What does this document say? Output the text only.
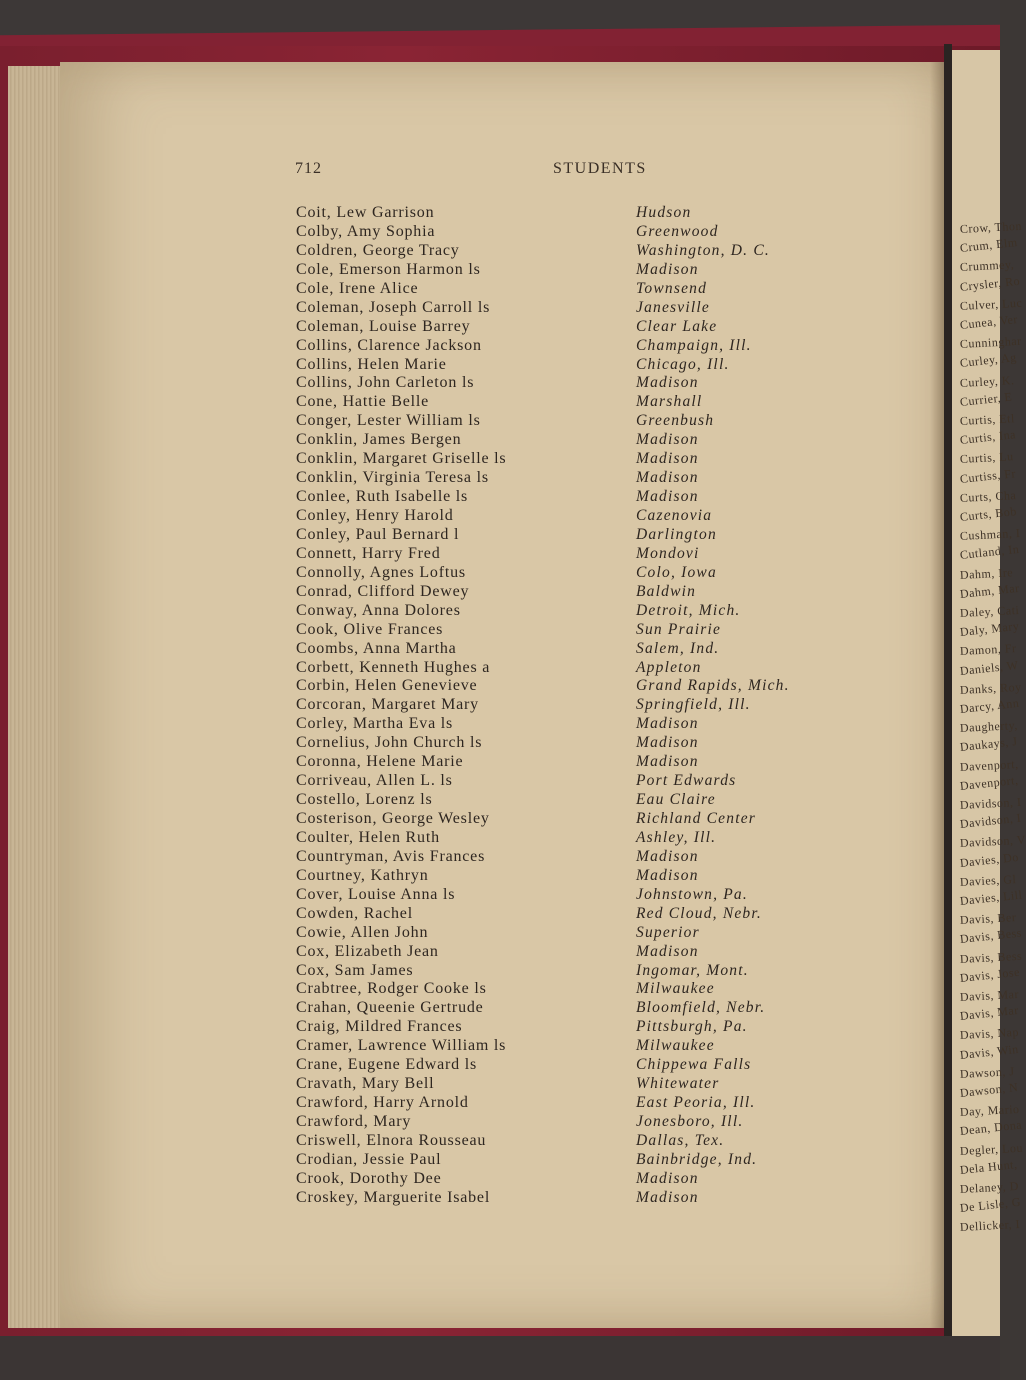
Crow, Thon
Crum, Elm
Crummey,
Crysler, Ro
Culver, Luc
Cunea, Ver
Cunninghar
Curley, Ag
Curley, K.
Currier, E
Curtis, Etl
Curtis, Ina
Curtis, Lu
Curtiss, Fr
Curts, Cha
Curts, Bob
Cushman, I
Cutland, In
Dahm, Ire
Dahm, Mar
Daley, Cati
Daly, Mary
Damon, Fr
Daniels, W
Danks, Roy
Darcy, Ann
Daugherty,
Daukays, J
Davenport,
Davenport,
Davidson, I
Davidson, I
Davidson, V
Davies, Do
Davies, Gl
Davies, Lill
Davis, Ber
Davis, Bess
Davis, Bess
Davis, Jose
Davis, Mar
Davis, Mar
Davis, Nap
Davis, Win
Dawson, J
Dawson, N
Day, Mario
Dean, Dona
Degler, Lou
Dela Hunt,
Delaney, D
De Lisle, G
Dellicker, I
712	STUDENTS
Coit, Lew Garrison	Hudson
Colby, Amy Sophia	Greenwood
Coldren, George Tracy	Washington, D. C.
Cole, Emerson Harmon ls	Madison
Cole, Irene Alice	Townsend
Coleman, Joseph Carroll ls	Janesville
Coleman, Louise Barrey	Clear Lake
Collins, Clarence Jackson	Champaign, Ill.
Collins, Helen Marie	Chicago, Ill.
Collins, John Carleton ls	Madison
Cone, Hattie Belle	Marshall
Conger, Lester William ls	Greenbush
Conklin, James Bergen	Madison
Conklin, Margaret Griselle ls	Madison
Conklin, Virginia Teresa ls	Madison
Conlee, Ruth Isabelle ls	Madison
Conley, Henry Harold	Cazenovia
Conley, Paul Bernard l	Darlington
Connett, Harry Fred	Mondovi
Connolly, Agnes Loftus	Colo, Iowa
Conrad, Clifford Dewey	Baldwin
Conway, Anna Dolores	Detroit, Mich.
Cook, Olive Frances	Sun Prairie
Coombs, Anna Martha	Salem, Ind.
Corbett, Kenneth Hughes a	Appleton
Corbin, Helen Genevieve	Grand Rapids, Mich.
Corcoran, Margaret Mary	Springfield, Ill.
Corley, Martha Eva ls	Madison
Cornelius, John Church ls	Madison
Coronna, Helene Marie	Madison
Corriveau, Allen L. ls	Port Edwards
Costello, Lorenz ls	Eau Claire
Costerison, George Wesley	Richland Center
Coulter, Helen Ruth	Ashley, Ill.
Countryman, Avis Frances	Madison
Courtney, Kathryn	Madison
Cover, Louise Anna ls	Johnstown, Pa.
Cowden, Rachel	Red Cloud, Nebr.
Cowie, Allen John	Superior
Cox, Elizabeth Jean	Madison
Cox, Sam James	Ingomar, Mont.
Crabtree, Rodger Cooke ls	Milwaukee
Crahan, Queenie Gertrude	Bloomfield, Nebr.
Craig, Mildred Frances	Pittsburgh, Pa.
Cramer, Lawrence William ls	Milwaukee
Crane, Eugene Edward ls	Chippewa Falls
Cravath, Mary Bell	Whitewater
Crawford, Harry Arnold	East Peoria, Ill.
Crawford, Mary	Jonesboro, Ill.
Criswell, Elnora Rousseau	Dallas, Tex.
Crodian, Jessie Paul	Bainbridge, Ind.
Crook, Dorothy Dee	Madison
Croskey, Marguerite Isabel	Madison
